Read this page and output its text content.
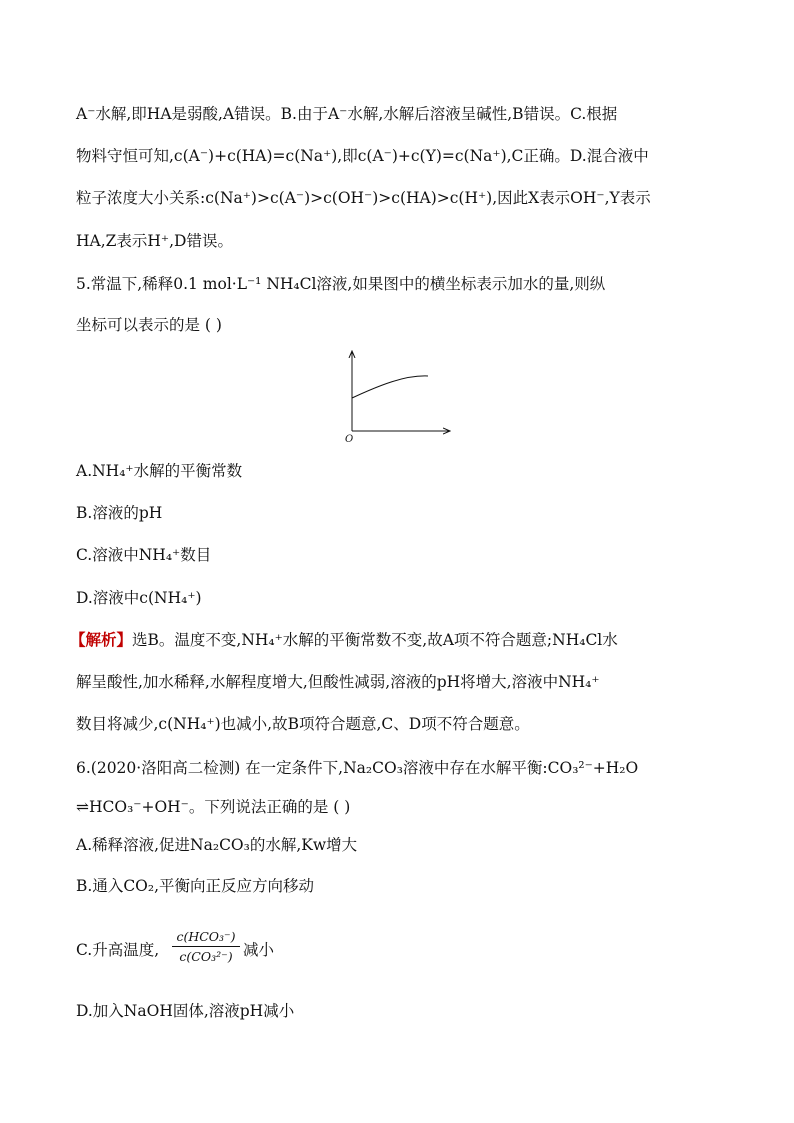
A⁻水解,即HA是弱酸,A错误。B.由于A⁻水解,水解后溶液呈碱性,B错误。C.根据
物料守恒可知,c(A⁻)+c(HA)=c(Na⁺),即c(A⁻)+c(Y)=c(Na⁺),C正确。D.混合液中
粒子浓度大小关系:c(Na⁺)>c(A⁻)>c(OH⁻)>c(HA)>c(H⁺),因此X表示OH⁻,Y表示
HA,Z表示H⁺,D错误。
5.常温下,稀释0.1 mol·L⁻¹ NH₄Cl溶液,如果图中的横坐标表示加水的量,则纵
坐标可以表示的是 ( )
O
A.NH₄⁺水解的平衡常数
B.溶液的pH
C.溶液中NH₄⁺数目
D.溶液中c(NH₄⁺)
【解析】选B。温度不变,NH₄⁺水解的平衡常数不变,故A项不符合题意;NH₄Cl水
解呈酸性,加水稀释,水解程度增大,但酸性减弱,溶液的pH将增大,溶液中NH₄⁺
数目将减少,c(NH₄⁺)也减小,故B项符合题意,C、D项不符合题意。
6.(2020·洛阳高二检测) 在一定条件下,Na₂CO₃溶液中存在水解平衡:CO₃²⁻+H₂O
⇌HCO₃⁻+OH⁻。下列说法正确的是 ( )
A.稀释溶液,促进Na₂CO₃的水解,Kw增大
B.通入CO₂,平衡向正反应方向移动
C.升高温度,
c(HCO₃⁻)
c(CO₃²⁻) 减小
D.加入NaOH固体,溶液pH减小
